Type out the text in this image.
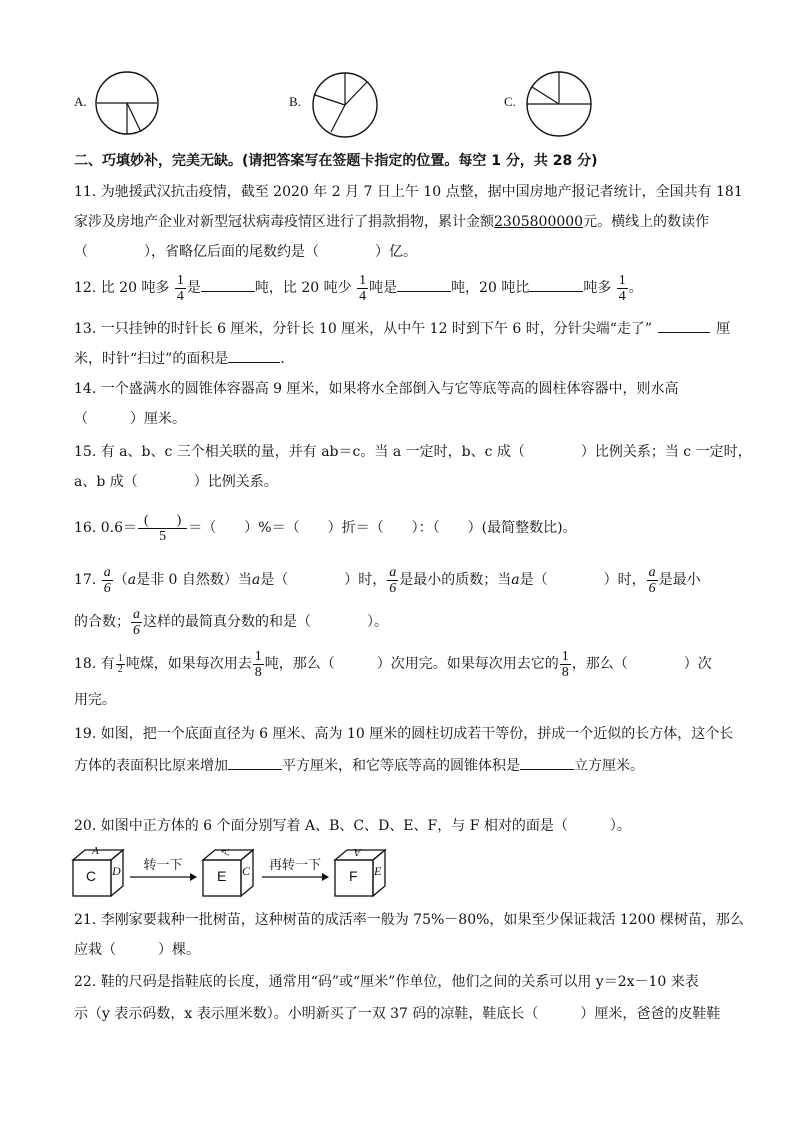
A.	B.	C.
二、巧填妙补，完美无缺。(请把答案写在签题卡指定的位置。每空 1 分，共 28 分)
11. 为驰援武汉抗击疫情，截至 2020 年 2 月 7 日上午 10 点整，据中国房地产报记者统计，全国共有 181
家涉及房地产企业对新型冠状病毒疫情区进行了捐款捐物，累计金额2305800000元。横线上的数读作
（　　　　），省略亿后面的尾数约是（　　　　）亿。
12. 比 20 吨多 $\frac{1}{4}$ 是	吨，比 20 吨少 $\frac{1}{4}$ 吨是	吨，20 吨比	吨多 $\frac{1}{4}$ 。
13. 一只挂钟的时针长 6 厘米，分针长 10 厘米，从中午 12 时到下午 6 时，分针尖端“走了”	厘
米，时针“扫过”的面积是	.
14. 一个盛满水的圆锥体容器高 9 厘米，如果将水全部倒入与它等底等高的圆柱体容器中，则水高
（　　　）厘米。
15. 有 a、b、c 三个相关联的量，并有 ab＝c。当 a 一定时，b、c 成（　　　　）比例关系；当 c 一定时，
a、b 成（　　　　）比例关系。
16. $0.6= \frac{( )}{5}$ ＝（　　）%＝（　　）折＝（　　）：（　　）(最简整数比)。
17. $\frac{a}{6} (a$是非 0 自然数）当a是（　　　　）时， $\frac{a}{6}$ 是最小的质数；当a是（　　　　）时， $\frac{a}{6}$ 是最小
的合数； $\frac{a}{6}$ 这样的最简真分数的和是（　　　　）。
18. 有 $\frac{1}{2}$ 吨煤，如果每次用去 $\frac{1}{8}$ 吨，那么（　　　）次用完。如果每次用去它的 $\frac{1}{8}$ ，那么（　　　　）次
用完。
19. 如图，把一个底面直径为 6 厘米、高为 10 厘米的圆柱切成若干等份，拼成一个近似的长方体，这个长
方体的表面积比原来增加	平方厘米，和它等底等高的圆锥体积是	立方厘米。
20. 如图中正方体的 6 个面分别写着 A、B、C、D、E、F，与 F 相对的面是（　　　）。
C
A
D	转一下
E
A
C	再转一下
F
A
E
21. 李刚家要栽种一批树苗，这种树苗的成活率一般为 75%－80%，如果至少保证栽活 1200 棵树苗，那么
应栽（　　　）棵。
22. 鞋的尺码是指鞋底的长度，通常用“码”或“厘米”作单位，他们之间的关系可以用 y＝2x－10 来表
示（y 表示码数，x 表示厘米数）。小明新买了一双 37 码的凉鞋，鞋底长（　　　）厘米，爸爸的皮鞋鞋
